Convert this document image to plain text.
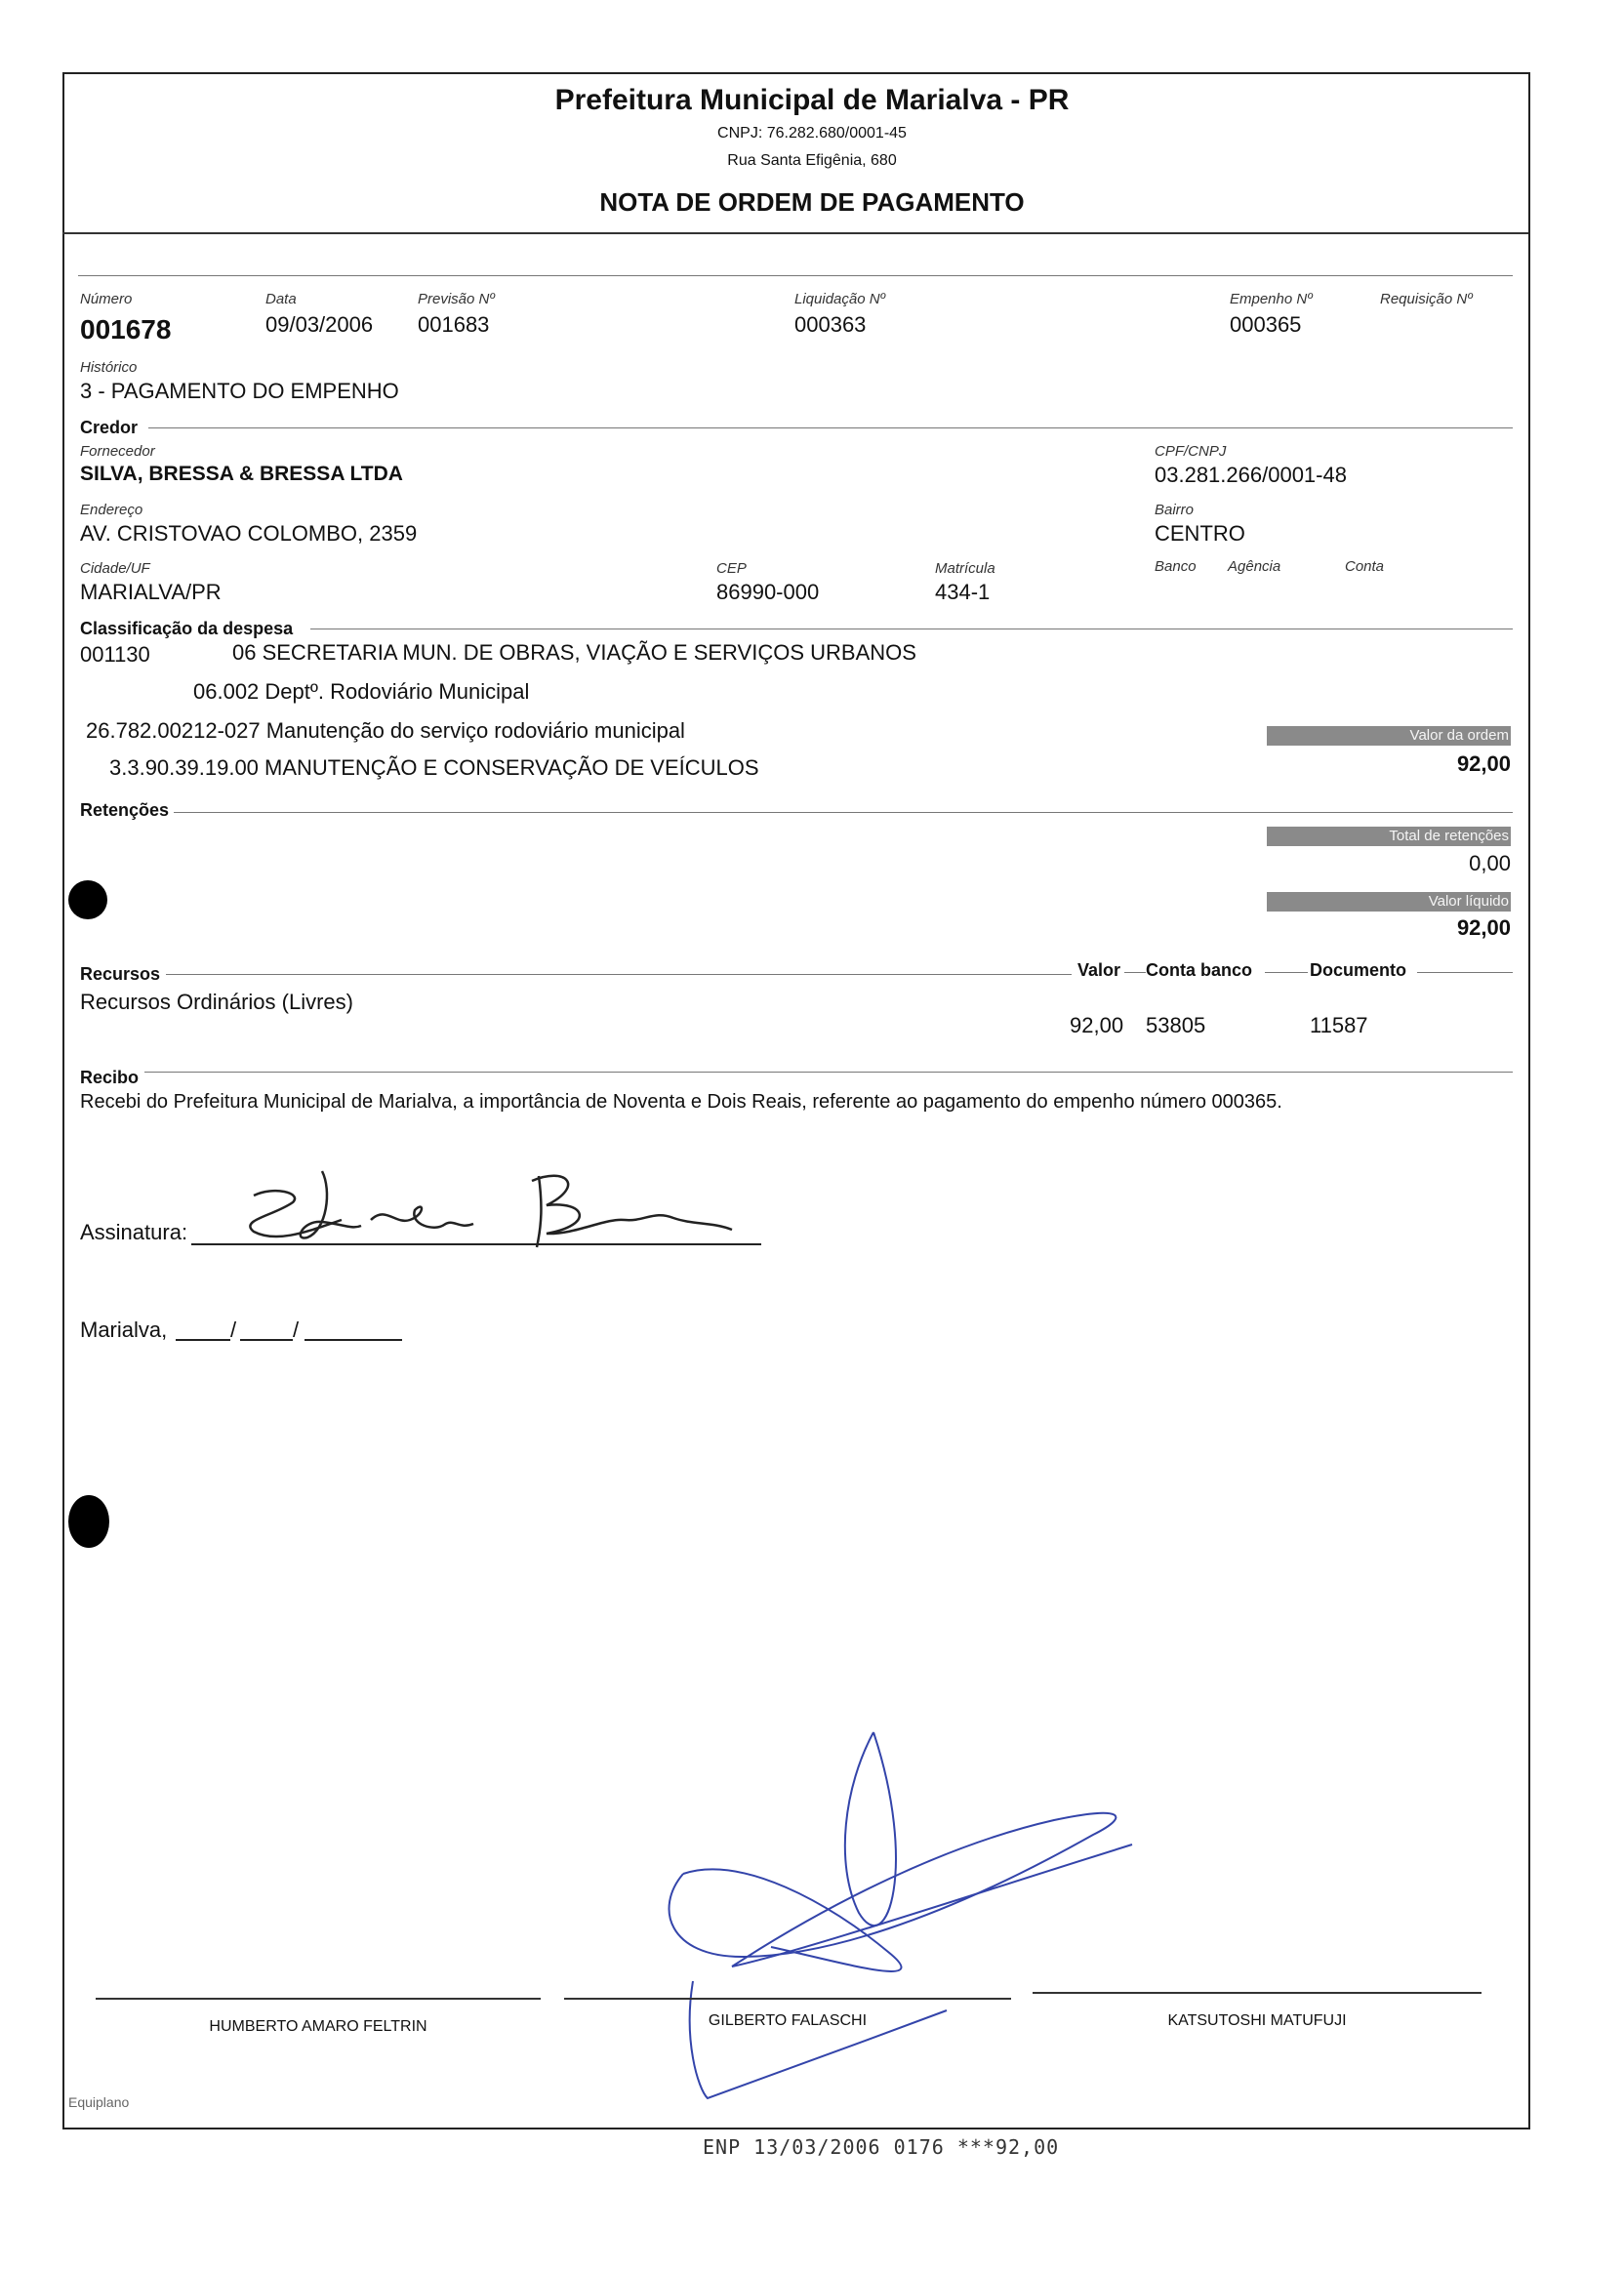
Prefeitura Municipal de Marialva - PR
CNPJ: 76.282.680/0001-45
Rua Santa Efigênia, 680
NOTA DE ORDEM DE PAGAMENTO
Número
001678
Data
09/03/2006
Previsão Nº
001683
Liquidação Nº
000363
Empenho Nº
000365
Requisição Nº
Histórico
3 - PAGAMENTO DO EMPENHO
Credor
Fornecedor
SILVA, BRESSA & BRESSA LTDA
CPF/CNPJ
03.281.266/0001-48
Endereço
AV. CRISTOVAO COLOMBO, 2359
Bairro
CENTRO
Cidade/UF
MARIALVA/PR
CEP
86990-000
Matrícula
434-1
Banco Agência	Conta
Classificação da despesa
001130	06 SECRETARIA MUN. DE OBRAS, VIAÇÃO E SERVIÇOS URBANOS
06.002 Deptº. Rodoviário Municipal
26.782.00212-027 Manutenção do serviço rodoviário municipal
3.3.90.39.19.00 MANUTENÇÃO E CONSERVAÇÃO DE VEÍCULOS
Valor da ordem
92,00
Total de retenções
0,00
Valor líquido
92,00
Retenções
Recursos	Valor Conta banco	Documento
Recursos Ordinários (Livres)
92,00 53805	11587
Recibo
Recebi do Prefeitura Municipal de Marialva, a importância de Noventa e Dois Reais, referente ao pagamento do empenho número 000365.
Assinatura:
Marialva,	/	/
HUMBERTO AMARO FELTRIN	GILBERTO FALASCHI	KATSUTOSHI MATUFUJI
Equiplano
ENP 13/03/2006 0176 ***92,00
